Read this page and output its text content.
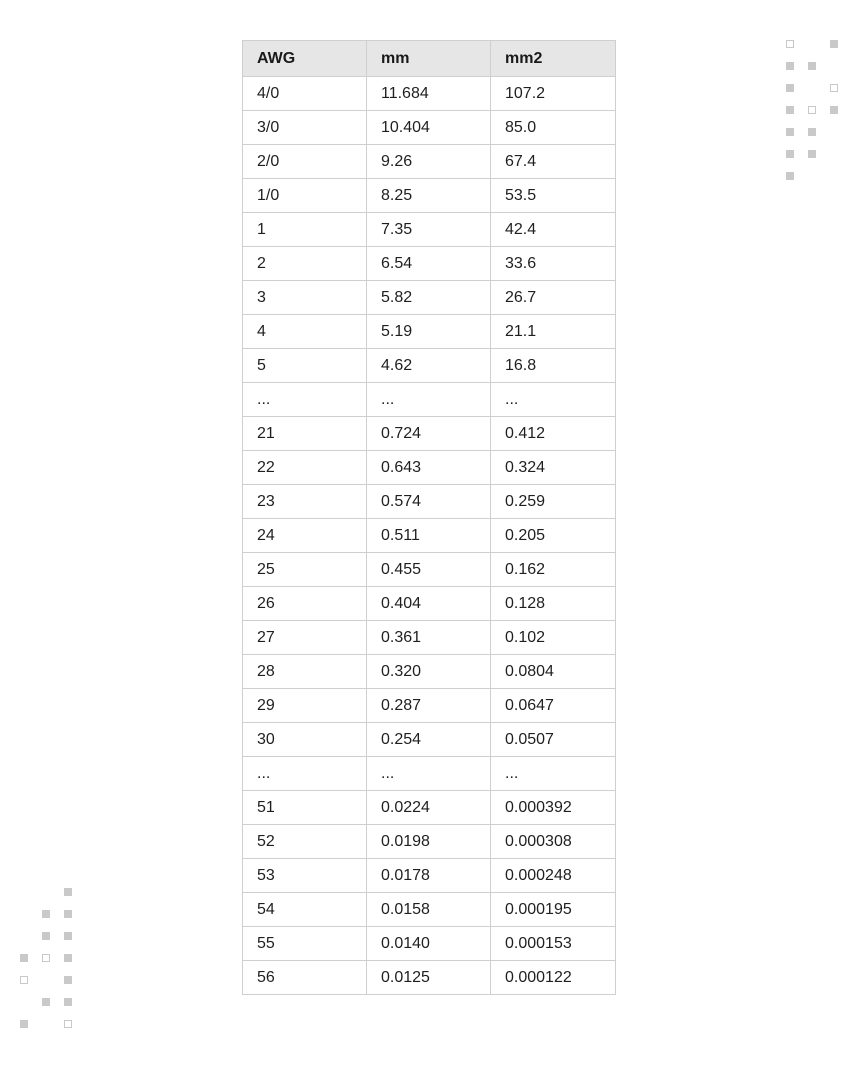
AWG	mm	mm2
4/0	11.684	107.2
3/0	10.404	85.0
2/0	9.26	67.4
1/0	8.25	53.5
1	7.35	42.4
2	6.54	33.6
3	5.82	26.7
4	5.19	21.1
5	4.62	16.8
...	...	...
21	0.724	0.412
22	0.643	0.324
23	0.574	0.259
24	0.511	0.205
25	0.455	0.162
26	0.404	0.128
27	0.361	0.102
28	0.320	0.0804
29	0.287	0.0647
30	0.254	0.0507
...	...	...
51	0.0224	0.000392
52	0.0198	0.000308
53	0.0178	0.000248
54	0.0158	0.000195
55	0.0140	0.000153
56	0.0125	0.000122
